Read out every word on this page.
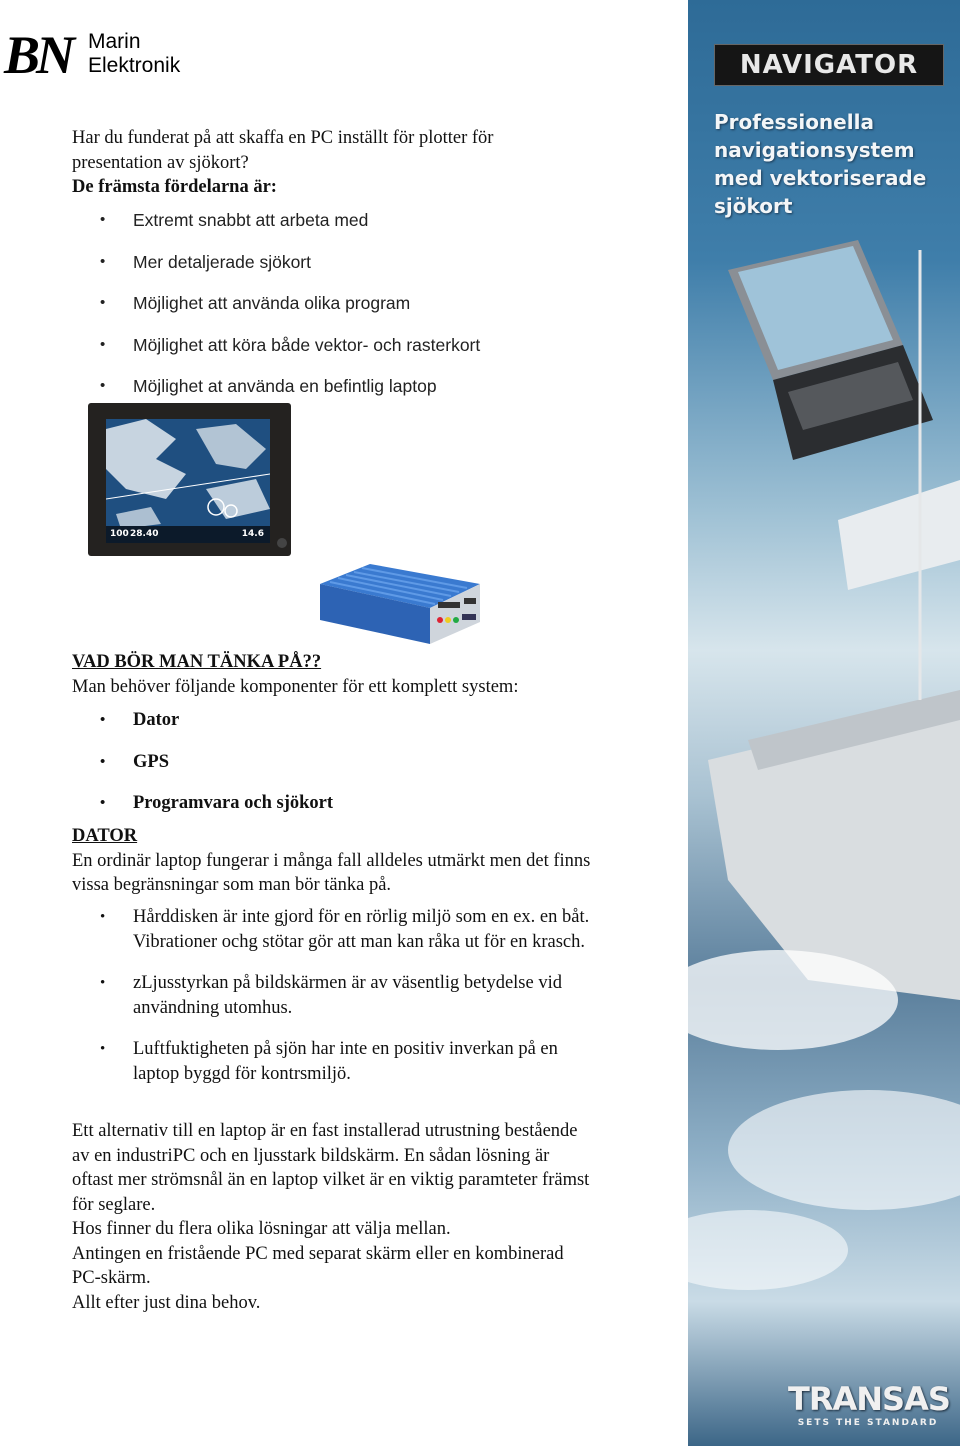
BN Marin
Elektronik

Har du funderat på att skaffa en PC inställt för plotter för

presentation av sjökort?

De främsta fördelarna är:

• Extremt snabbt att arbeta med
• Mer detaljerade sjökort
• Möjlighet att använda olika program
• Möjlighet att köra både vektor- och rasterkort
• Möjlighet at använda en befintlig laptop
100 28.40	14.6

VAD BÖR MAN TÄNKA PÅ??

Man behöver följande komponenter för ett komplett system:

• Dator
• GPS
• Programvara och sjökort

DATOR

En ordinär laptop fungerar i många fall alldeles utmärkt men det finns vissa begränsningar som man bör tänka på.

• Hårddisken är inte gjord för en rörlig miljö som en ex. en båt. Vibrationer ochg stötar gör att man kan råka ut för en krasch.
• zLjusstyrkan på bildskärmen är av väsentlig betydelse vid användning utomhus.
• Luftfuktigheten på sjön har inte en positiv inverkan på en laptop byggd för kontrsmiljö.

Ett alternativ till en laptop är en fast installerad utrustning bestående av en industriPC och en ljusstark bildskärm. En sådan lösning är oftast mer strömsnål än en laptop vilket är en viktig paramteter främst för seglare.

Hos finner du flera olika lösningar att välja mellan.

Antingen en fristående PC med separat skärm eller en kombinerad PC-skärm.

Allt efter just dina behov.

NAVIGATOR
Professionella
navigationsystem
med vektoriserade
sjökort
TRANSAS
SETS THE STANDARD
